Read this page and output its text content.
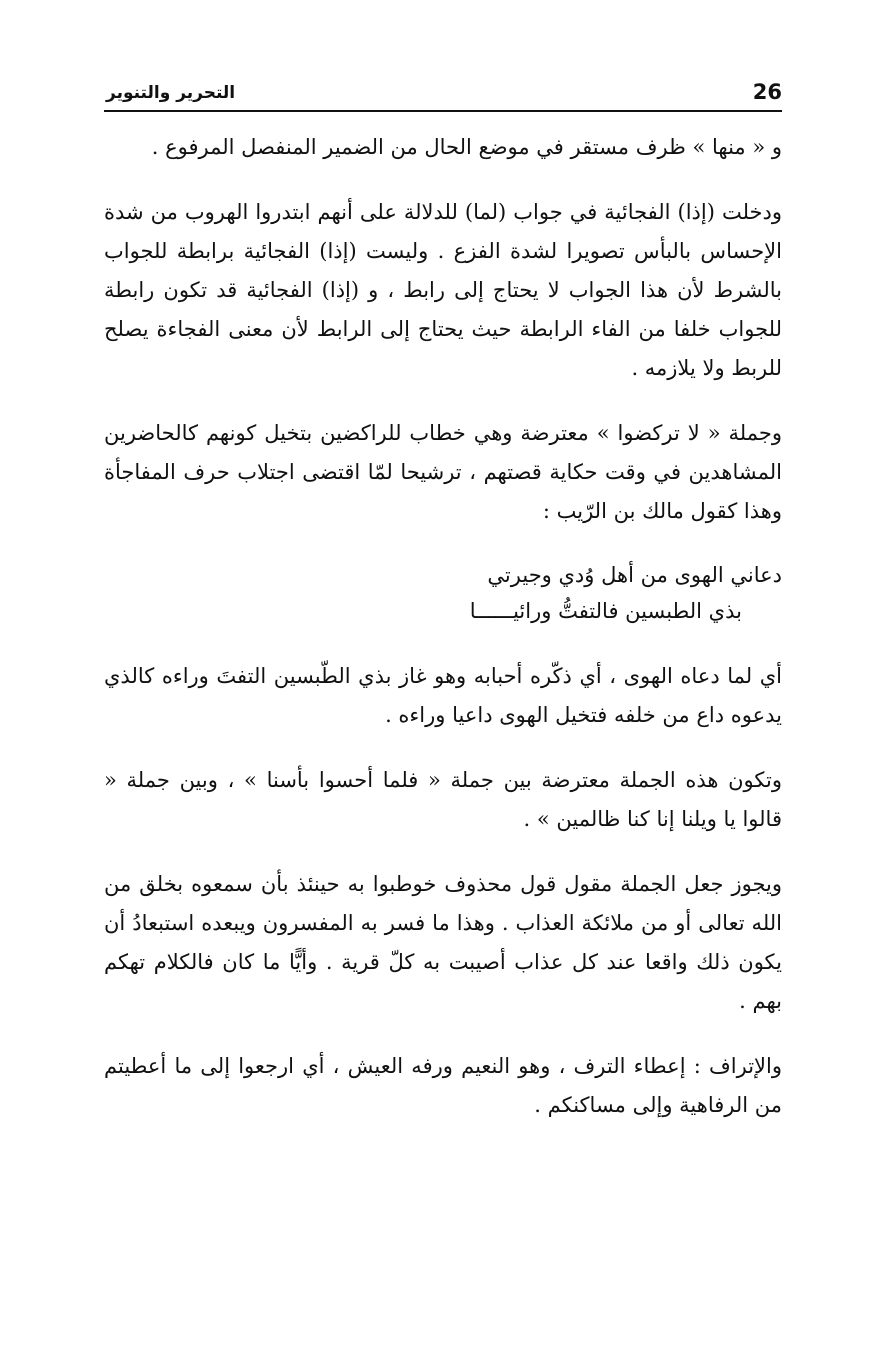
26
التحرير والتنوير

و « منها » ظرف مستقر في موضع الحال من الضمير المنفصل المرفوع .

ودخلت (إذا) الفجائية في جواب (لما) للدلالة على أنهم ابتدروا الهروب من شدة الإحساس بالبأس تصويرا لشدة الفزع . وليست (إذا) الفجائية برابطة للجواب بالشرط لأن هذا الجواب لا يحتاج إلى رابط ، و (إذا) الفجائية قد تكون رابطة للجواب خلفا من الفاء الرابطة حيث يحتاج إلى الرابط لأن معنى الفجاءة يصلح للربط ولا يلازمه .

وجملة « لا تركضوا » معترضة وهي خطاب للراكضين بتخيل كونهم كالحاضرين المشاهدين في وقت حكاية قصتهم ، ترشيحا لمّا اقتضى اجتلاب حرف المفاجأة وهذا كقول مالك بن الرّيب :

دعاني الهوى من أهل وُدي وجيرتي
بذي الطبسين فالتفتُّ ورائيــــــا

أي لما دعاه الهوى ، أي ذكّره أحبابه وهو غاز بذي الطّبسين التفتَ وراءه كالذي يدعوه داع من خلفه فتخيل الهوى داعيا وراءه .

وتكون هذه الجملة معترضة بين جملة « فلما أحسوا بأسنا » ، وبين جملة « قالوا يا ويلنا إنا كنا ظالمين » .

ويجوز جعل الجملة مقول قول محذوف خوطبوا به حينئذ بأن سمعوه بخلق من الله تعالى أو من ملائكة العذاب . وهذا ما فسر به المفسرون ويبعده استبعادُ أن يكون ذلك واقعا عند كل عذاب أصيبت به كلّ قرية . وأيًّا ما كان فالكلام تهكم بهم .

والإتراف : إعطاء الترف ، وهو النعيم ورفه العيش ، أي ارجعوا إلى ما أعطيتم من الرفاهية وإلى مساكنكم .
